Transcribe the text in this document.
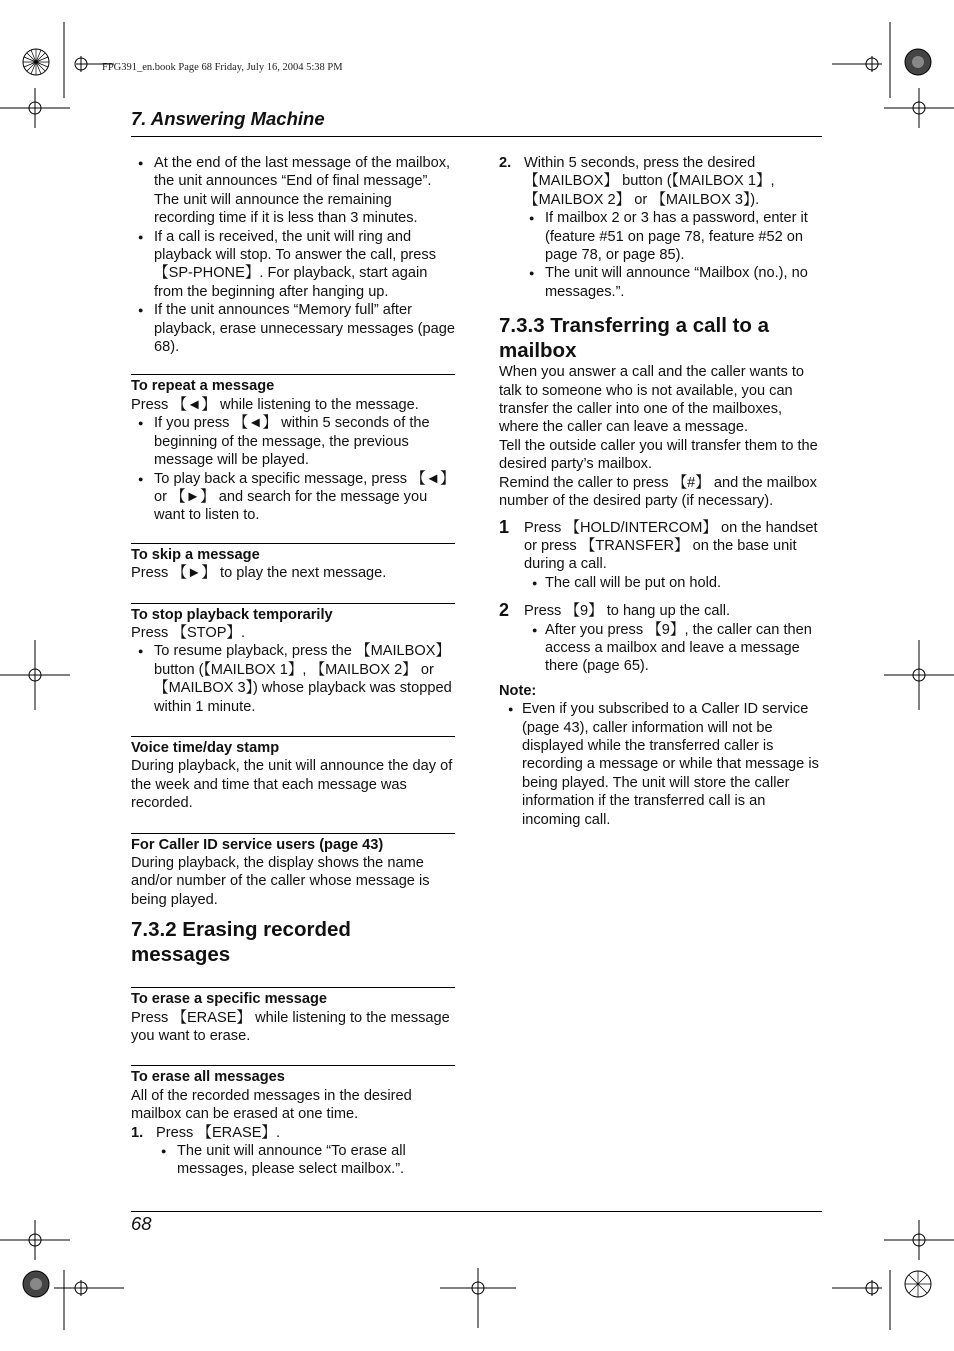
FPG391_en.book Page 68 Friday, July 16, 2004 5:38 PM
7. Answering Machine

● At the end of the last message of the mailbox, the unit announces “End of final message”. The unit will announce the remaining recording time if it is less than 3 minutes.

● If a call is received, the unit will ring and playback will stop. To answer the call, press 【SP-PHONE】. For playback, start again from the beginning after hanging up.

● If the unit announces “Memory full” after playback, erase unnecessary messages (page 68).

To repeat a message

Press 【◄】 while listening to the message.

● If you press 【◄】 within 5 seconds of the beginning of the message, the previous message will be played.

● To play back a specific message, press 【◄】 or 【►】 and search for the message you want to listen to.

To skip a message

Press 【►】 to play the next message.

To stop playback temporarily

Press 【STOP】.

● To resume playback, press the 【MAILBOX】 button (【MAILBOX 1】, 【MAILBOX 2】 or 【MAILBOX 3】) whose playback was stopped within 1 minute.

Voice time/day stamp

During playback, the unit will announce the day of the week and time that each message was recorded.

For Caller ID service users (page 43)

During playback, the display shows the name and/or number of the caller whose message is being played.

7.3.2 Erasing recorded messages

To erase a specific message

Press 【ERASE】 while listening to the message you want to erase.

To erase all messages

All of the recorded messages in the desired mailbox can be erased at one time.

1. Press 【ERASE】.

● The unit will announce “To erase all messages, please select mailbox.”.

2. Within 5 seconds, press the desired 【MAILBOX】 button (【MAILBOX 1】, 【MAILBOX 2】 or 【MAILBOX 3】).

● If mailbox 2 or 3 has a password, enter it (feature #51 on page 78, feature #52 on page 78, or page 85).

● The unit will announce “Mailbox (no.), no messages.”.

7.3.3 Transferring a call to a mailbox

When you answer a call and the caller wants to talk to someone who is not available, you can transfer the caller into one of the mailboxes, where the caller can leave a message.

Tell the outside caller you will transfer them to the desired party’s mailbox.

Remind the caller to press 【#】 and the mailbox number of the desired party (if necessary).

1 Press 【HOLD/INTERCOM】 on the handset or press 【TRANSFER】 on the base unit during a call.

● The call will be put on hold.

2 Press 【9】 to hang up the call.

● After you press 【9】, the caller can then access a mailbox and leave a message there (page 65).

Note:

● Even if you subscribed to a Caller ID service (page 43), caller information will not be displayed while the transferred caller is recording a message or while that message is being played. The unit will store the caller information if the transferred call is an incoming call.

68
